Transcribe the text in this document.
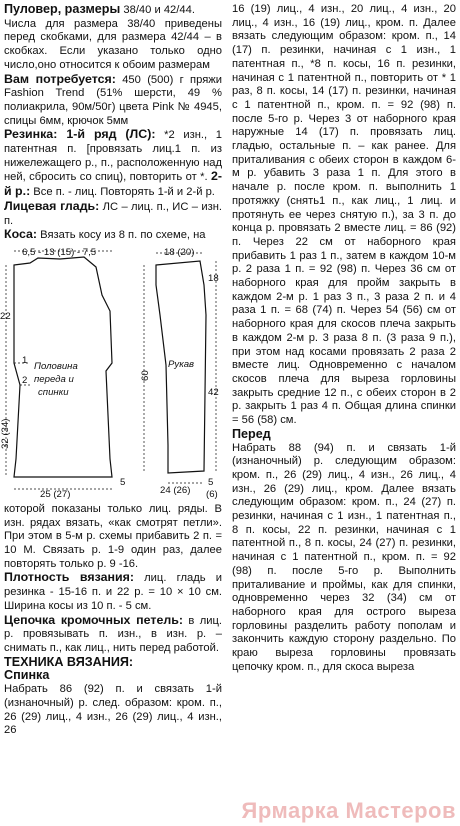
Пуловер, размеры 38/40 и 42/44.

Числа для размера 38/40 приведены перед скобками, для размера 42/44 – в скобках. Если указано только одно число,оно относится к обоим размерам

Вам потребуется: 450 (500) г пряжи Fashion Trend (51% шерсти, 49 % полиакрила, 90м/50г) цвета Pink № 4945, спицы 6мм, крючок 5мм

Резинка: 1-й ряд (ЛС): *2 изн., 1 патентная п. [провязать лиц.1 п. из нижележащего р., п., расположенную над ней, сбросить со спиц), повторить от *. 2-й р.: Все п. - лиц. Повторять 1-й и 2-й р.

Лицевая гладь: ЛС – лиц. п., ИС – изн. п.

Коса: Вязать косу из 8 п. по схеме, на

6,5 - 13 (15) - 7,5
22
1
2
32 (34)
5
25 (27)
Половина
переда и
спинки
18 (20)
18
42
60
Рукав
24 (26)
5
(6)

которой показаны только лиц. ряды. В изн. рядах вязать, «как смотрят петли». При этом в 5-м р. схемы прибавить 2 п. = 10 М. Связать р. 1-9 один раз, далее повторять только р. 9 -16.

Плотность вязания: лиц. гладь и резинка - 15-16 п. и 22 р. = 10 × 10 см. Ширина косы из 10 п. - 5 см.

Цепочка кромочных петель: в лиц. р. провязывать п. изн., в изн. р. – снимать п., как лиц., нить перед работой.

ТЕХНИКА ВЯЗАНИЯ:
Спинка

Набрать 86 (92) п. и связать 1-й (изнаночный) р. след. образом: кром. п., 26 (29) лиц., 4 изн., 26 (29) лиц., 4 изн., 26

16 (19) лиц., 4 изн., 20 лиц., 4 изн., 20 лиц., 4 изн., 16 (19) лиц., кром. п. Далее вязать следующим образом: кром. п., 14 (17) п. резинки, начиная с 1 изн., 1 патентная п., *8 п. косы, 16 п. резинки, начиная с 1 патентной п., повторить от * 1 раз, 8 п. косы, 14 (17) п. резинки, начиная с 1 патентной п., кром. п. = 92 (98) п. после 5-го р. Через 3 от наборного края наружные 14 (17) п. провязать лиц. гладью, остальные п. – как ранее. Для приталивания с обеих сторон в каждом 6-м р. убавить 3 раза 1 п. Для этого в начале р. после кром. п. выполнить 1 протяжку (снять1 п., как лиц., 1 лиц. и протянуть ее через снятую п.), за 3 п. до конца р. провязать 2 вместе лиц. = 86 (92) п. Через 22 см от наборного края прибавить 1 раз 1 п., затем в каждом 10-м р. 2 раза 1 п. = 92 (98) п. Через 36 см от наборного края для пройм закрыть в каждом 2-м р. 1 раз 3 п., 3 раза 2 п. и 4 раза 1 п. = 68 (74) п. Через 54 (56) см от наборного края для скосов плеча закрыть в каждом 2-м р. 3 раза 8 п. (3 раза 9 п.), при этом над косами провязать 2 раза 2 вместе лиц. Одновременно с началом скосов плеча для выреза горловины закрыть средние 12 п., с обеих сторон в 2 р. закрыть 1 раз 4 п. Общая длина спинки = 56 (58) см.

Перед

Набрать 88 (94) п. и связать 1-й (изнаночный) р. следующим образом: кром. п., 26 (29) лиц., 4 изн., 26 лиц., 4 изн., 26 (29) лиц., кром. Далее вязать следующим образом: кром. п., 24 (27) п. резинки, начиная с 1 изн., 1 патентная п., 8 п. косы, 22 п. резинки, начиная с 1 патентной п., 8 п. косы, 24 (27) п. резинки, начиная с 1 патентной п., кром. п. = 92 (98) п. после 5-го р. Выполнить приталивание и проймы, как для спинки, одновременно через 32 (34) см от наборного края для острого выреза горловины разделить работу пополам и закончить каждую сторону раздельно. По краю выреза горловины провязать цепочку кром. п., для скоса выреза

Ярмарка Мастеров
